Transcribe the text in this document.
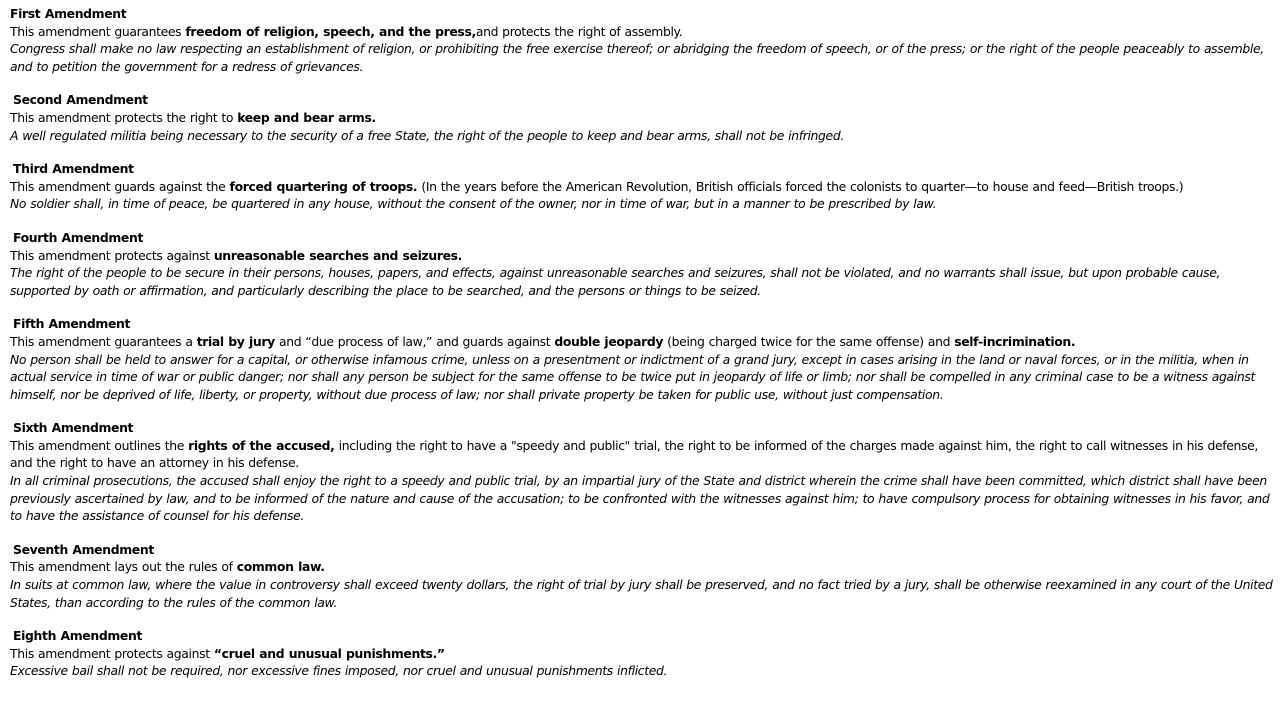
First Amendment

This amendment guarantees freedom of religion, speech, and the press,and protects the right of assembly.

Congress shall make no law respecting an establishment of religion, or prohibiting the free exercise thereof; or abridging the freedom of speech, or of the press; or the right of the people peaceably to assemble, and to petition the government for a redress of grievances.

Second Amendment

This amendment protects the right to keep and bear arms.

A well regulated militia being necessary to the security of a free State, the right of the people to keep and bear arms, shall not be infringed.

Third Amendment

This amendment guards against the forced quartering of troops. (In the years before the American Revolution, British officials forced the colonists to quarter—to house and feed—British troops.)

No soldier shall, in time of peace, be quartered in any house, without the consent of the owner, nor in time of war, but in a manner to be prescribed by law.

Fourth Amendment

This amendment protects against unreasonable searches and seizures.

The right of the people to be secure in their persons, houses, papers, and effects, against unreasonable searches and seizures, shall not be violated, and no warrants shall issue, but upon probable cause, supported by oath or affirmation, and particularly describing the place to be searched, and the persons or things to be seized.

Fifth Amendment

This amendment guarantees a trial by jury and “due process of law,” and guards against double jeopardy (being charged twice for the same offense) and self-incrimination.

No person shall be held to answer for a capital, or otherwise infamous crime, unless on a presentment or indictment of a grand jury, except in cases arising in the land or naval forces, or in the militia, when in actual service in time of war or public danger; nor shall any person be subject for the same offense to be twice put in jeopardy of life or limb; nor shall be compelled in any criminal case to be a witness against himself, nor be deprived of life, liberty, or property, without due process of law; nor shall private property be taken for public use, without just compensation.

Sixth Amendment

This amendment outlines the rights of the accused, including the right to have a "speedy and public" trial, the right to be informed of the charges made against him, the right to call witnesses in his defense, and the right to have an attorney in his defense.

In all criminal prosecutions, the accused shall enjoy the right to a speedy and public trial, by an impartial jury of the State and district wherein the crime shall have been committed, which district shall have been previously ascertained by law, and to be informed of the nature and cause of the accusation; to be confronted with the witnesses against him; to have compulsory process for obtaining witnesses in his favor, and to have the assistance of counsel for his defense.

Seventh Amendment

This amendment lays out the rules of common law.

In suits at common law, where the value in controversy shall exceed twenty dollars, the right of trial by jury shall be preserved, and no fact tried by a jury, shall be otherwise reexamined in any court of the United States, than according to the rules of the common law.

Eighth Amendment

This amendment protects against “cruel and unusual punishments.”

Excessive bail shall not be required, nor excessive fines imposed, nor cruel and unusual punishments inflicted.
